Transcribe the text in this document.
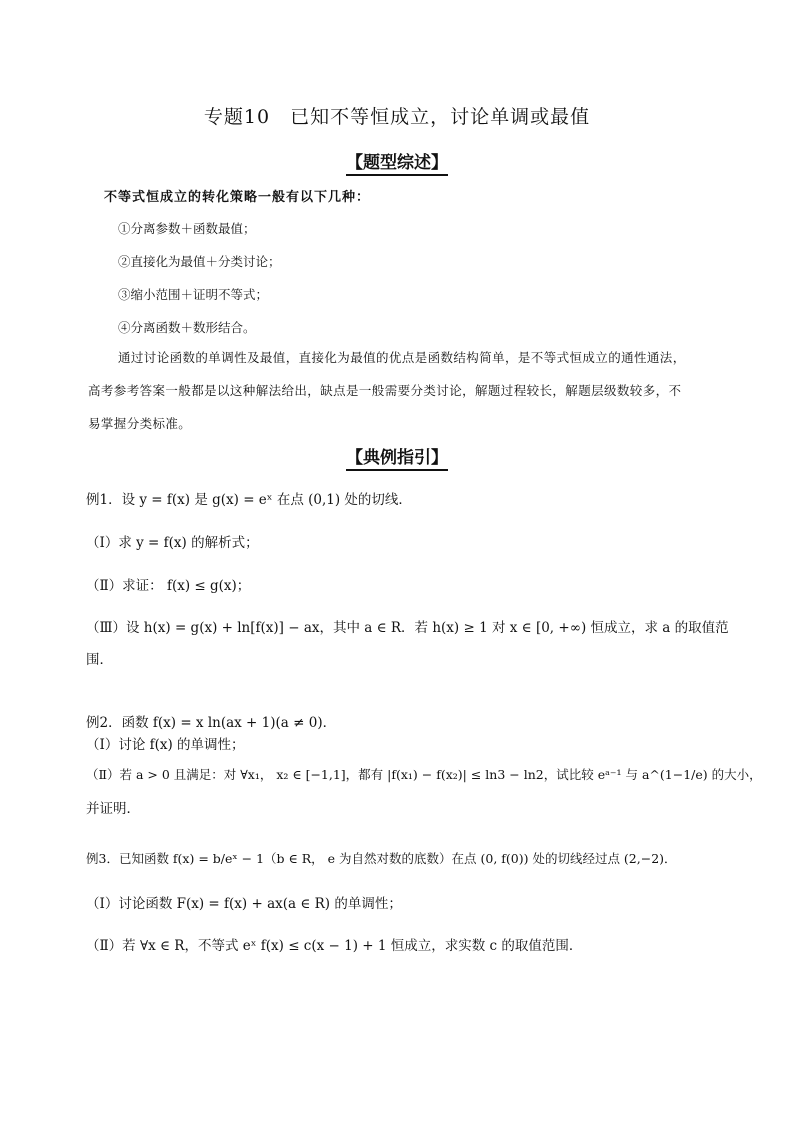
专题10　已知不等恒成立，讨论单调或最值
【题型综述】
不等式恒成立的转化策略一般有以下几种：
①分离参数＋函数最值；
②直接化为最值＋分类讨论；
③缩小范围＋证明不等式；
④分离函数＋数形结合。
通过讨论函数的单调性及最值，直接化为最值的优点是函数结构简单，是不等式恒成立的通性通法，
高考参考答案一般都是以这种解法给出，缺点是一般需要分类讨论，解题过程较长，解题层级数较多，不
易掌握分类标准。
【典例指引】
例1．设 y = f(x) 是 g(x) = eˣ 在点 (0,1) 处的切线．
（Ⅰ）求 y = f(x) 的解析式；
（Ⅱ）求证： f(x) ≤ g(x)；
（Ⅲ）设 h(x) = g(x) + ln[f(x)] − ax，其中 a ∈ R．若 h(x) ≥ 1 对 x ∈ [0, +∞) 恒成立，求 a 的取值范
围．
例2．函数 f(x) = x ln(ax + 1)(a ≠ 0)．
（Ⅰ）讨论 f(x) 的单调性；
（Ⅱ）若 a > 0 且满足：对 ∀x₁， x₂ ∈ [−1,1]，都有 |f(x₁) − f(x₂)| ≤ ln3 − ln2，试比较 eᵃ⁻¹ 与 a^(1−1/e) 的大小，
并证明．
例3．已知函数 f(x) = b/eˣ − 1（b ∈ R， e 为自然对数的底数）在点 (0, f(0)) 处的切线经过点 (2,−2)．
（Ⅰ）讨论函数 F(x) = f(x) + ax(a ∈ R) 的单调性；
（Ⅱ）若 ∀x ∈ R，不等式 eˣ f(x) ≤ c(x − 1) + 1 恒成立，求实数 c 的取值范围．
